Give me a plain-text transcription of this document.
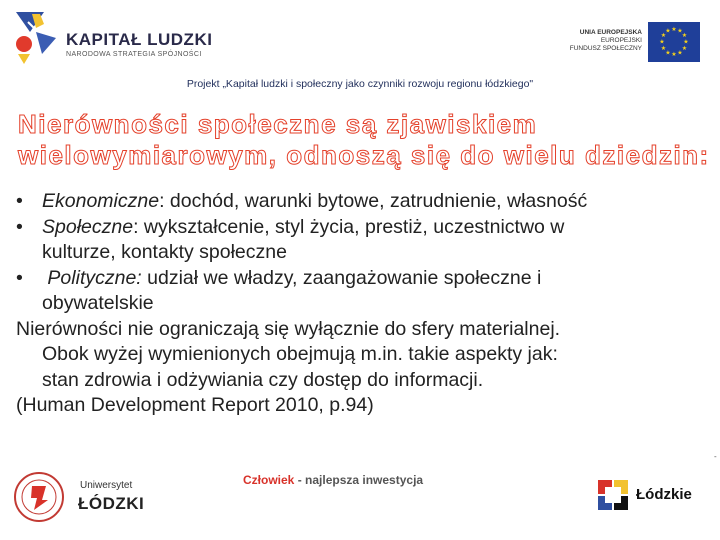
KAPITAŁ LUDZKI
NARODOWA STRATEGIA SPÓJNOŚCI
UNIA EUROPEJSKA
EUROPEJSKI
FUNDUSZ SPOŁECZNY
★ ★
★
★
★
★
★
★
★
★
★
★
Projekt „Kapitał ludzki i społeczny jako czynniki rozwoju regionu łódzkiego"
Nierówności społeczne są zjawiskiem
wielowymiarowym, odnoszą się do wielu dziedzin:
• Ekonomiczne: dochód, warunki bytowe, zatrudnienie, własność
• Społeczne: wykształcenie, styl życia, prestiż, uczestnictwo w
kulturze, kontakty społeczne
• Polityczne: udział we władzy, zaangażowanie społeczne i
obywatelskie
Nierówności nie ograniczają się wyłącznie do sfery materialnej.
Obok wyżej wymienionych obejmują m.in. takie aspekty jak:
stan zdrowia i odżywiania czy dostęp do informacji.
(Human Development Report 2010, p.94)
-
Uniwersytet
ŁÓDZKI
Człowiek - najlepsza inwestycja
Łódzkie
